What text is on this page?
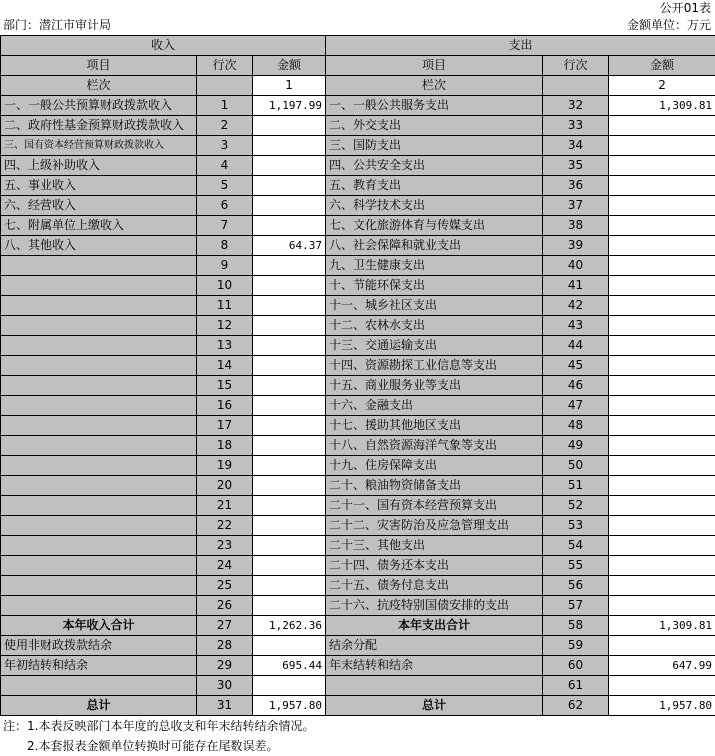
公开01表
部门：潜江市审计局	金额单位：万元
收入			支出		
项目	行次	金额	项目	行次	金额
栏次		1	栏次		2
一、一般公共预算财政拨款收入	1	1,197.99	一、一般公共服务支出	32	1,309.81
二、政府性基金预算财政拨款收入	2		二、外交支出	33	
三、国有资本经营预算财政拨款收入	3		三、国防支出	34	
四、上级补助收入	4		四、公共安全支出	35	
五、事业收入	5		五、教育支出	36	
六、经营收入	6		六、科学技术支出	37	
七、附属单位上缴收入	7		七、文化旅游体育与传媒支出	38	
八、其他收入	8	64.37	八、社会保障和就业支出	39	
	9		九、卫生健康支出	40	
	10		十、节能环保支出	41	
	11		十一、城乡社区支出	42	
	12		十二、农林水支出	43	
	13		十三、交通运输支出	44	
	14		十四、资源勘探工业信息等支出	45	
	15		十五、商业服务业等支出	46	
	16		十六、金融支出	47	
	17		十七、援助其他地区支出	48	
	18		十八、自然资源海洋气象等支出	49	
	19		十九、住房保障支出	50	
	20		二十、粮油物资储备支出	51	
	21		二十一、国有资本经营预算支出	52	
	22		二十二、灾害防治及应急管理支出	53	
	23		二十三、其他支出	54	
	24		二十四、债务还本支出	55	
	25		二十五、债务付息支出	56	
	26		二十六、抗疫特别国债安排的支出	57	
本年收入合计	27	1,262.36	本年支出合计	58	1,309.81
使用非财政拨款结余	28		结余分配	59	
年初结转和结余	29	695.44	年末结转和结余	60	647.99
	30			61	
总计	31	1,957.80	总计	62	1,957.80
注：1.本表反映部门本年度的总收支和年末结转结余情况。
2.本套报表金额单位转换时可能存在尾数误差。
